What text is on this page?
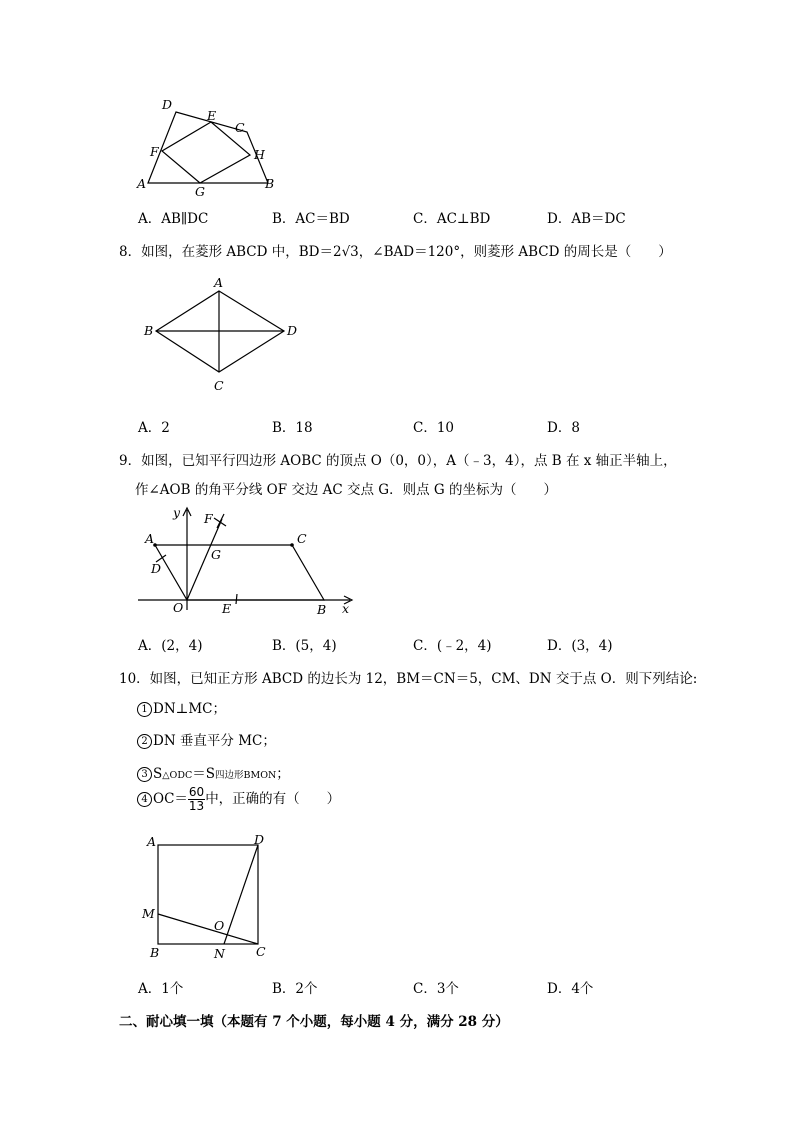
D
E
C
F	H
A
G
B
A．AB∥DC	B．AC＝BD	C．AC⊥BD	D．AB＝DC
8．如图，在菱形 ABCD 中，BD＝2√3，∠BAD＝120°，则菱形 ABCD 的周长是（　　）
A
B	D
C
A．2	B．18	C．10	D．8
9．如图，已知平行四边形 AOBC 的顶点 O（0，0），A（﹣3，4），点 B 在 x 轴正半轴上，
作∠AOB 的角平分线 OF 交边 AC 交点 G．则点 G 的坐标为（　　）
y F
A	C
G
D
O	E	B x
A．(2，4)	B．(5，4)	C．(﹣2，4)	D．(3，4)
10．如图，已知正方形 ABCD 的边长为 12，BM＝CN＝5，CM、DN 交于点 O．则下列结论:
1 DN⊥MC；
2 DN 垂直平分 MC；
3 S△ODC＝S四边形BMON；
4 $OC= \frac{60}{13}$ 中，正确的有（　　）
A	D
M
O
B	N C
A．1个	B．2个	C．3个	D．4个
二、耐心填一填（本题有 7 个小题，每小题 4 分，满分 28 分）
